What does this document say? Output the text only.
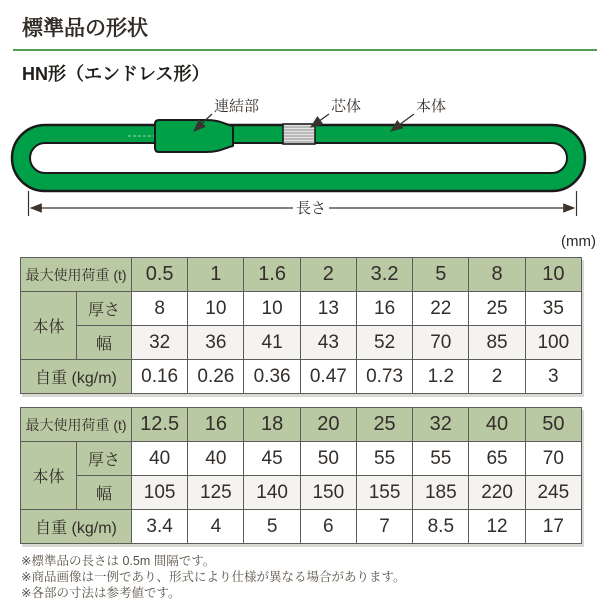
標準品の形状
HN形（エンドレス形）
連結部	芯体	本体
長さ
(mm)
最大使用荷重 (t)		0.5	1	1.6	2	3.2	5	8	10
本体	厚さ	8	10	10	13	16	22	25	35
	幅	32	36	41	43	52	70	85	100
自重 (kg/m)		0.16	0.26	0.36	0.47	0.73	1.2	2	3
最大使用荷重 (t)		12.5	16	18	20	25	32	40	50
本体	厚さ	40	40	45	50	55	55	65	70
	幅	105	125	140	150	155	185	220	245
自重 (kg/m)		3.4	4	5	6	7	8.5	12	17
※標準品の長さは 0.5m 間隔です。
※商品画像は一例であり、形式により仕様が異なる場合があります。
※各部の寸法は参考値です。
